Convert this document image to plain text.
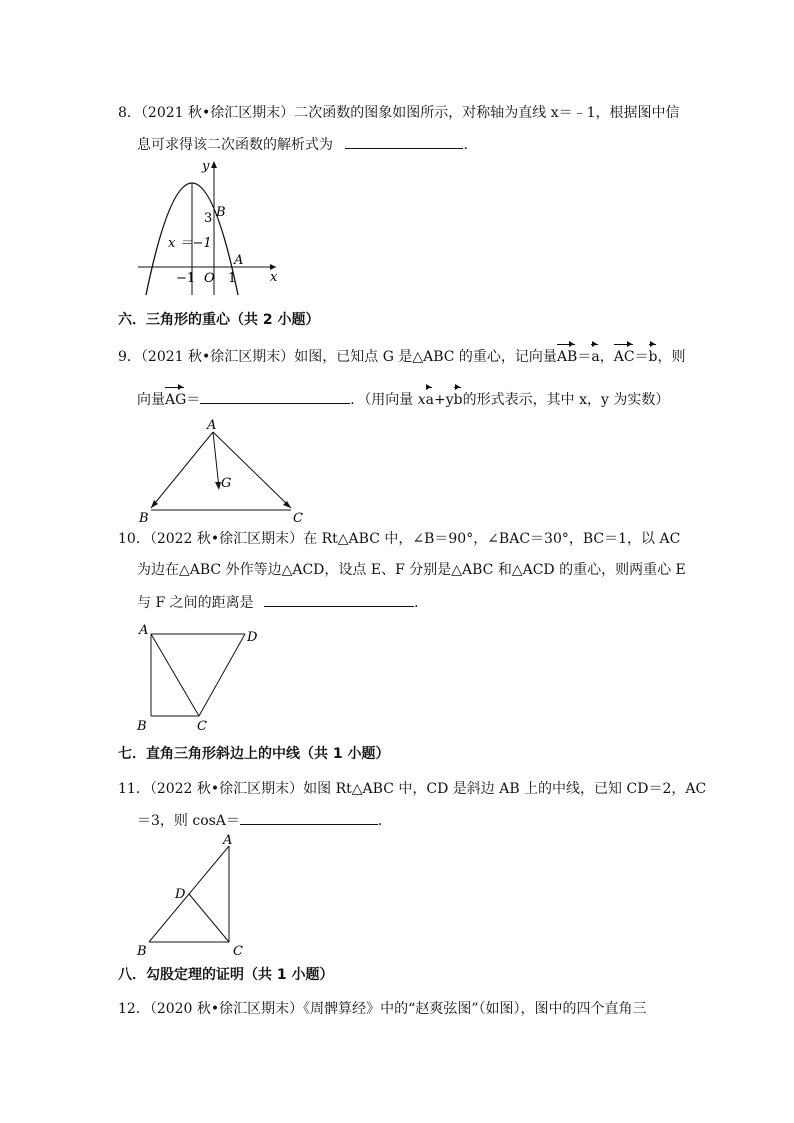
8．（2021 秋•徐汇区期末）二次函数的图象如图所示，对称轴为直线 x＝﹣1，根据图中信
息可求得该二次函数的解析式为	．
y
x
B
3
x ＝−1
A
−1 O 1
六．三角形的重心（共 2 小题）
9．（2021 秋•徐汇区期末）如图，已知点 G 是△ABC 的重心，记向量AB＝a，AC＝b，则
向量AG＝	．（用向量 xa+yb的形式表示，其中 x，y 为实数）
A
G
B	C
10．（2022 秋•徐汇区期末）在 Rt△ABC 中，∠B＝90°，∠BAC＝30°，BC＝1，以 AC
为边在△ABC 外作等边△ACD，设点 E、F 分别是△ABC 和△ACD 的重心，则两重心 E
与 F 之间的距离是	．
A	D
B	C
七．直角三角形斜边上的中线（共 1 小题）
11．（2022 秋•徐汇区期末）如图 Rt△ABC 中，CD 是斜边 AB 上的中线，已知 CD＝2，AC
＝3，则 cosA＝	．
A
D
B	C
八．勾股定理的证明（共 1 小题）
12．（2020 秋•徐汇区期末）《周髀算经》中的“赵爽弦图”（如图），图中的四个直角三
